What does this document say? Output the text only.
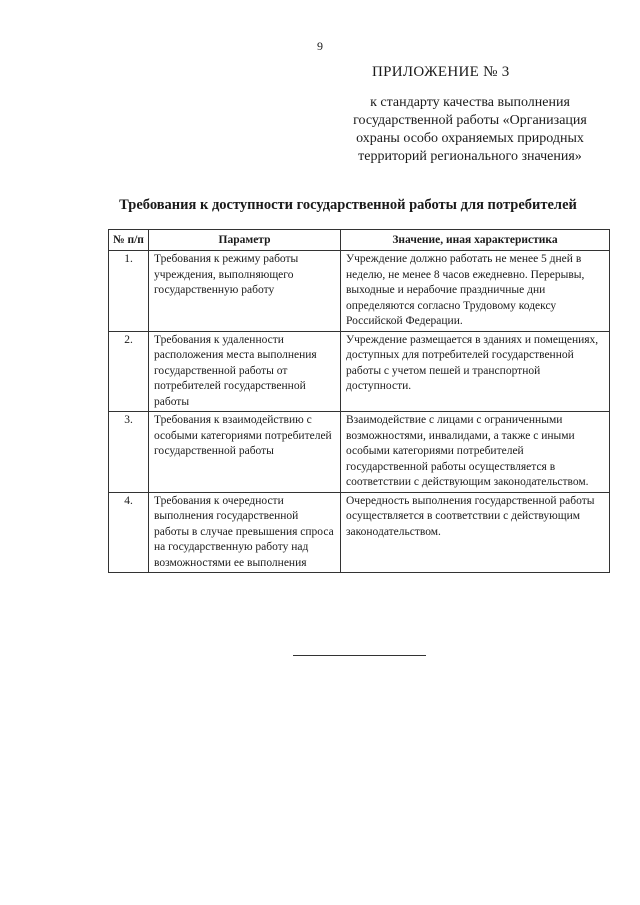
9
ПРИЛОЖЕНИЕ № 3
к стандарту качества выполнения государственной работы «Организация охраны особо охраняемых природных территорий регионального значения»
Требования к доступности государственной работы для потребителей
№ п/п	Параметр	Значение, иная характеристика
1.	Требования к режиму работы учреждения, выполняющего государственную работу	Учреждение должно работать не менее 5 дней в неделю, не менее 8 часов ежедневно. Перерывы, выходные и нерабочие праздничные дни определяются согласно Трудовому кодексу Российской Федерации.
2.	Требования к удаленности расположения места выполнения государственной работы от потребителей государственной работы	Учреждение размещается в зданиях и помещениях, доступных для потребителей государственной работы с учетом пешей и транспортной доступности.
3.	Требования к взаимодействию с особыми категориями потребителей государственной работы	Взаимодействие с лицами с ограниченными возможностями, инвалидами, а также с иными особыми категориями потребителей государственной работы осуществляется в соответствии с действующим законодательством.
4.	Требования к очередности выполнения государственной работы в случае превышения спроса на государственную работу над возможностями ее выполнения	Очередность выполнения государственной работы осуществляется в соответствии с действующим законодательством.
